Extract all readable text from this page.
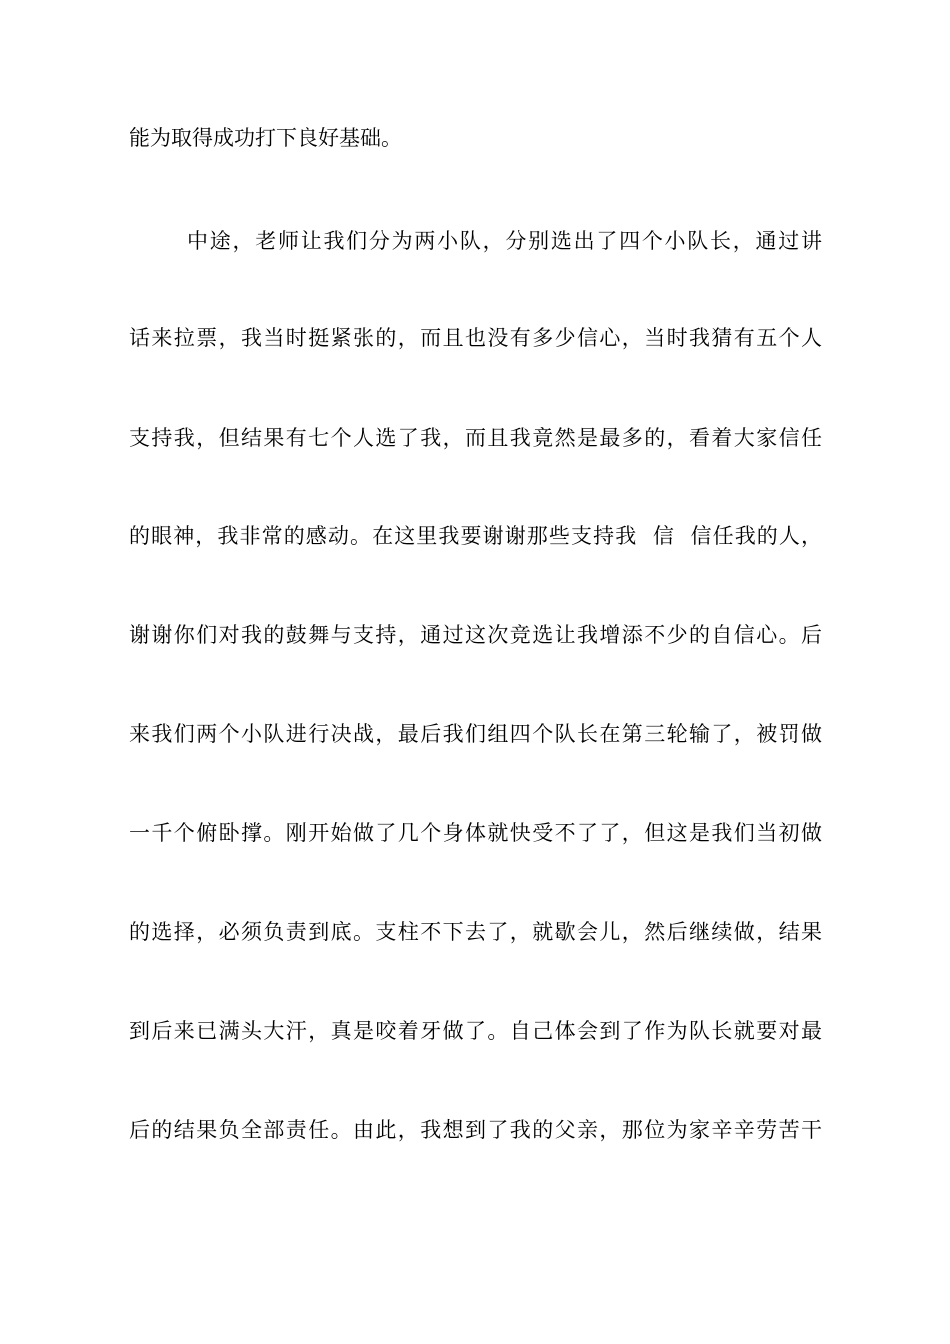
能为取得成功打下良好基础。
中途，老师让我们分为两小队，分别选出了四个小队长，通过讲
话来拉票，我当时挺紧张的，而且也没有多少信心，当时我猜有五个人
支持我，但结果有七个人选了我，而且我竟然是最多的，看着大家信任
的眼神，我非常的感动。在这里我要谢谢那些支持我  信  信任我的人，
谢谢你们对我的鼓舞与支持，通过这次竞选让我增添不少的自信心。后
来我们两个小队进行决战，最后我们组四个队长在第三轮输了，被罚做
一千个俯卧撑。刚开始做了几个身体就快受不了了，但这是我们当初做
的选择，必须负责到底。支柱不下去了，就歇会儿，然后继续做，结果
到后来已满头大汗，真是咬着牙做了。自己体会到了作为队长就要对最
后的结果负全部责任。由此，我想到了我的父亲，那位为家辛辛劳苦干
